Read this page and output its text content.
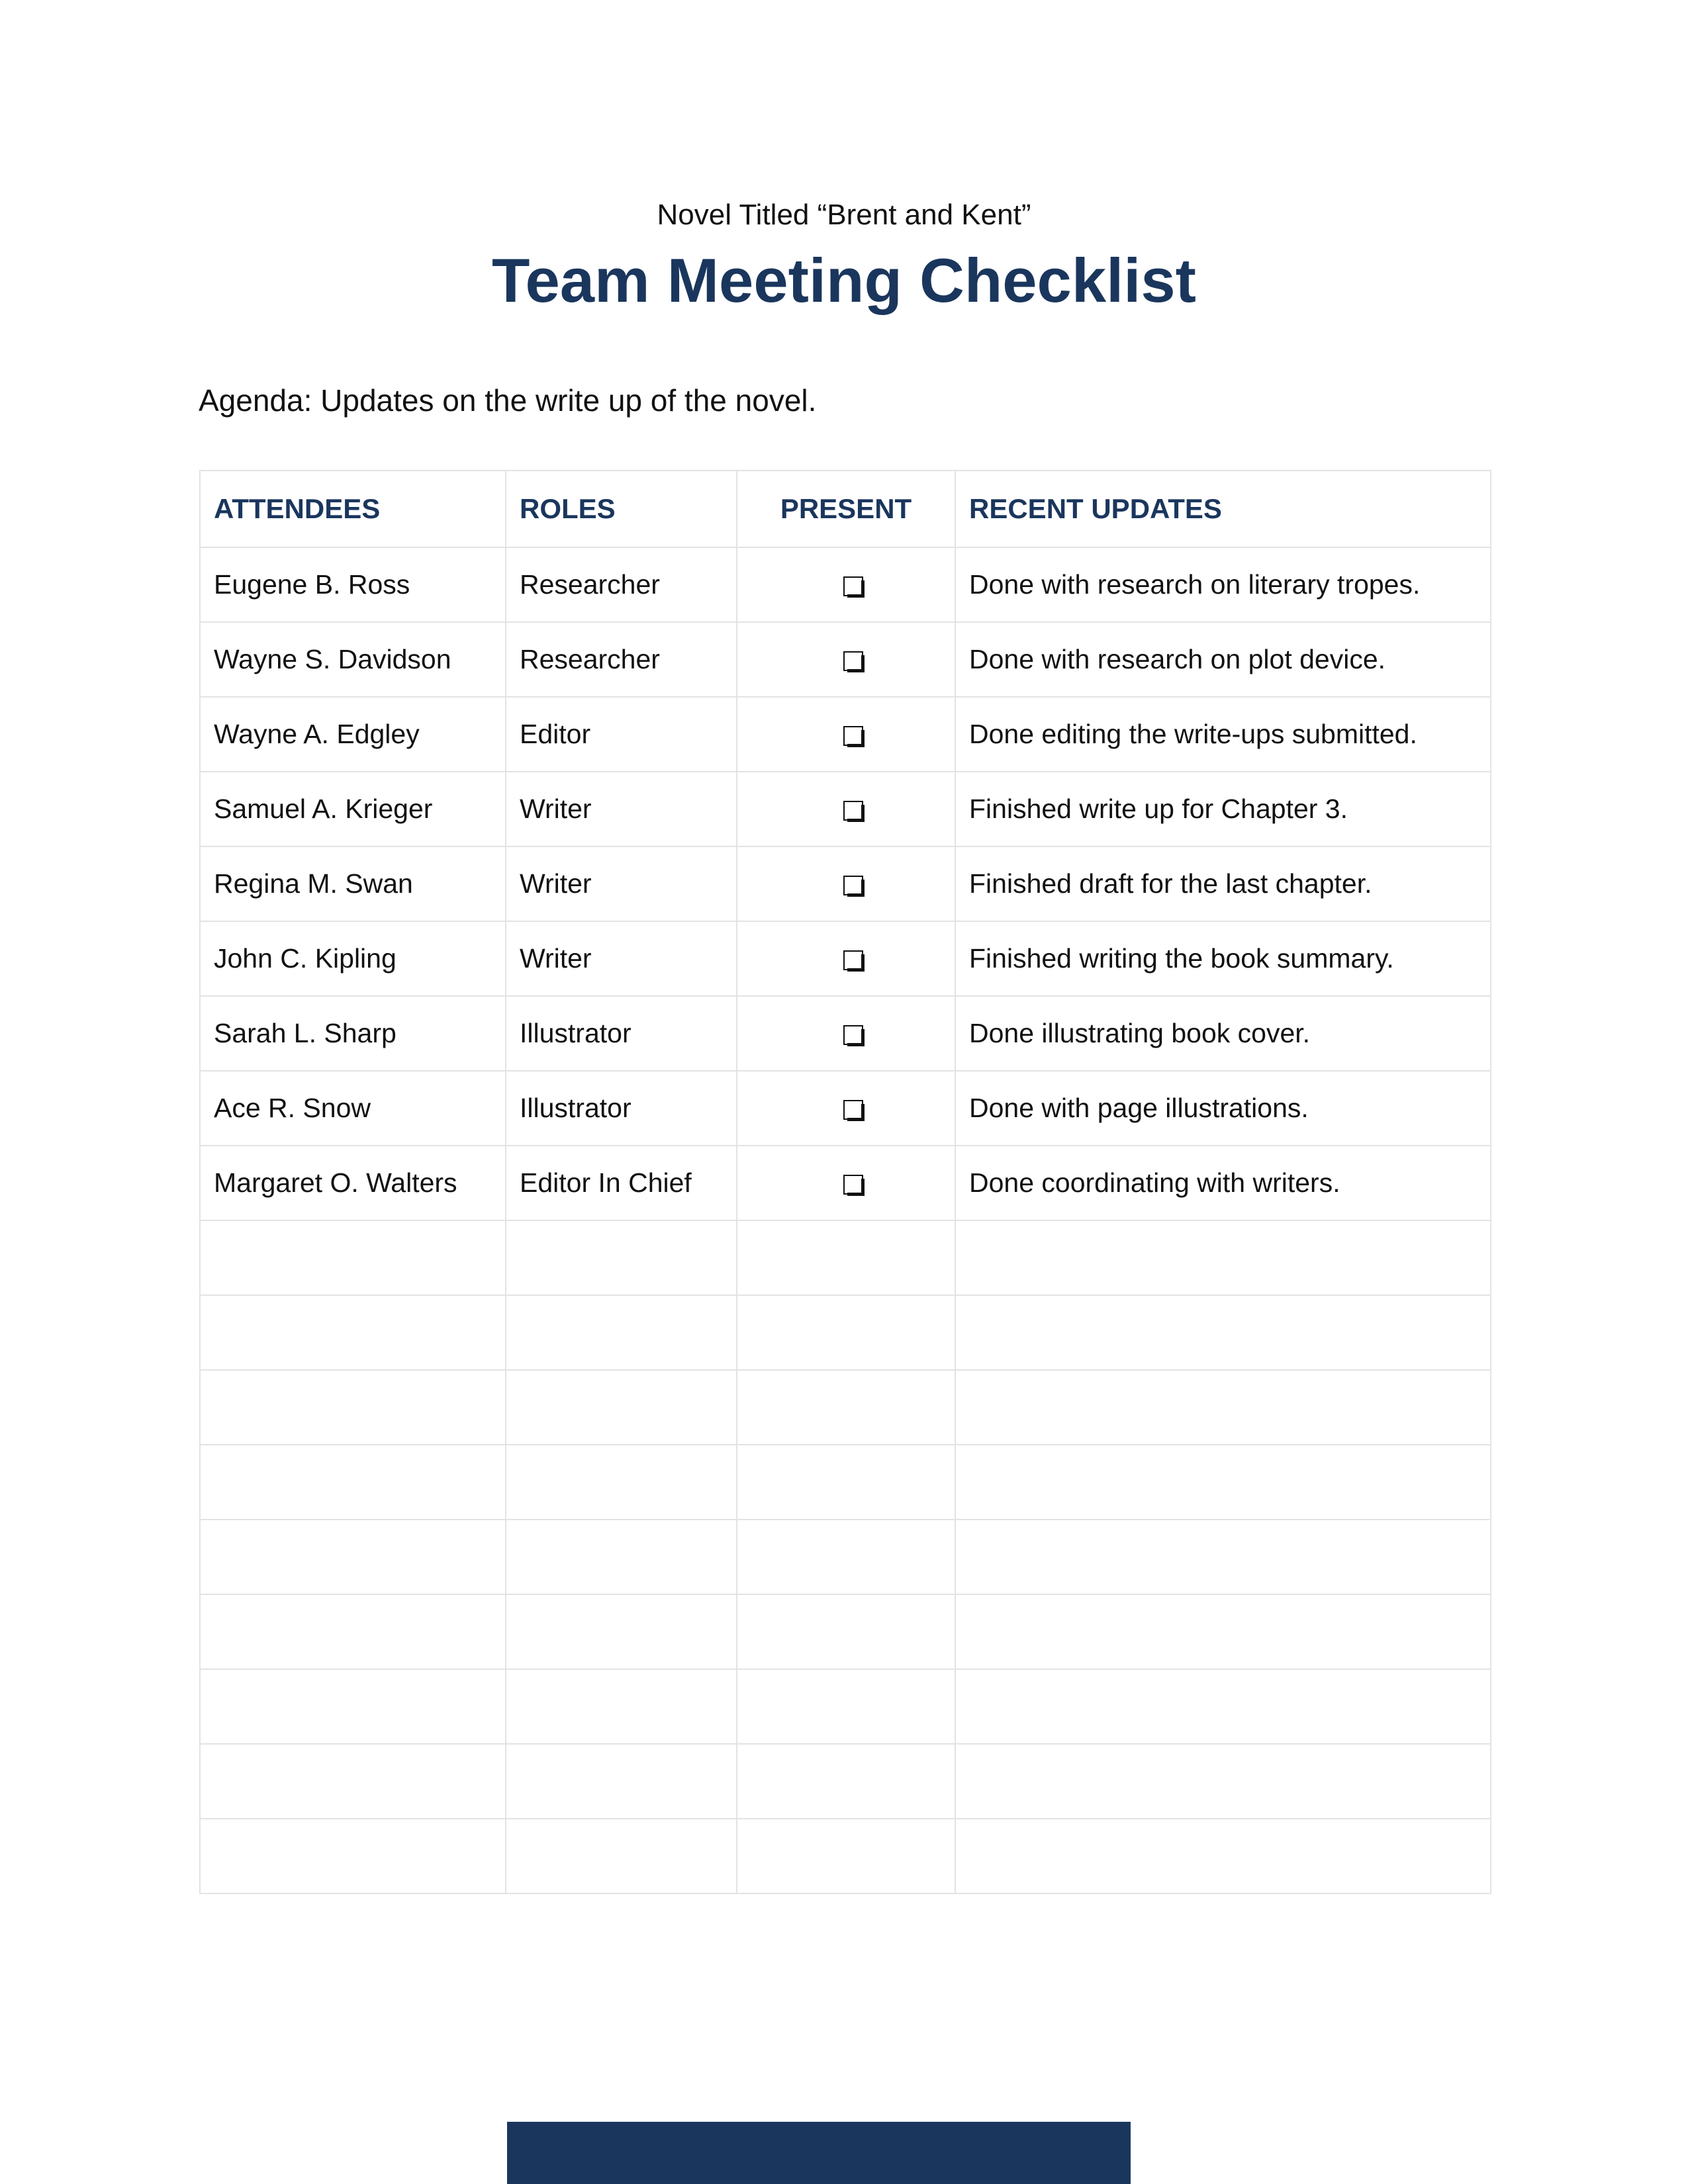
Novel Titled “Brent and Kent”
Team Meeting Checklist
Agenda: Updates on the write up of the novel.
ATTENDEES	ROLES	PRESENT	RECENT UPDATES
Eugene B. Ross	Researcher		Done with research on literary tropes.
Wayne S. Davidson	Researcher		Done with research on plot device.
Wayne A. Edgley	Editor		Done editing the write-ups submitted.
Samuel A. Krieger	Writer		Finished write up for Chapter 3.
Regina M. Swan	Writer		Finished draft for the last chapter.
John C. Kipling	Writer		Finished writing the book summary.
Sarah L. Sharp	Illustrator		Done illustrating book cover.
Ace R. Snow	Illustrator		Done with page illustrations.
Margaret O. Walters	Editor In Chief		Done coordinating with writers.
